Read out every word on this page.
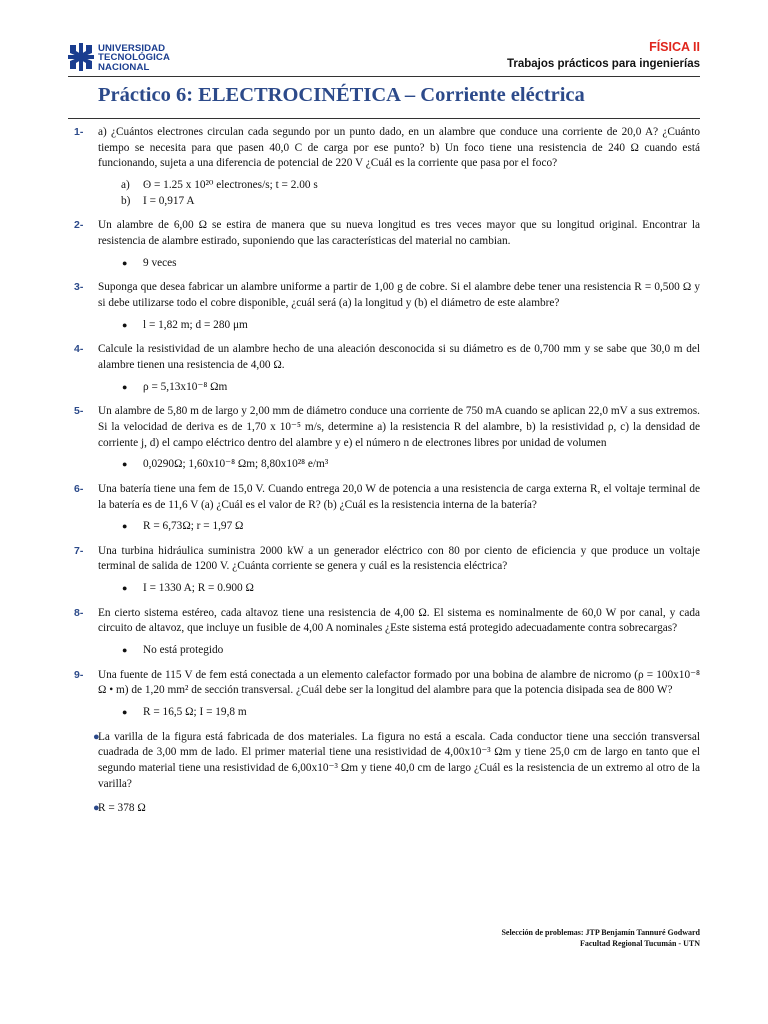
UNIVERSIDAD
TECNOLÓGICA
NACIONAL
FÍSICA II
Trabajos prácticos para ingenierías
Práctico 6: ELECTROCINÉTICA – Corriente eléctrica
1- a) ¿Cuántos electrones circulan cada segundo por un punto dado, en un alambre que conduce una corriente de 20,0 A? ¿Cuánto tiempo se necesita para que pasen 40,0 C de carga por ese punto? b) Un foco tiene una resistencia de 240 Ω cuando está funcionando, sujeta a una diferencia de potencial de 220 V ¿Cuál es la corriente que pasa por el foco?

a) ʘ = 1.25 x 10²⁰ electrones/s; t = 2.00 s
b) I = 0,917 A
2- Un alambre de 6,00 Ω se estira de manera que su nueva longitud es tres veces mayor que su longitud original. Encontrar la resistencia de alambre estirado, suponiendo que las características del material no cambian.

● 9 veces
3- Suponga que desea fabricar un alambre uniforme a partir de 1,00 g de cobre. Si el alambre debe tener una resistencia R = 0,500 Ω y si debe utilizarse todo el cobre disponible, ¿cuál será (a) la longitud y (b) el diámetro de este alambre?

● l = 1,82 m; d = 280 μm
4- Calcule la resistividad de un alambre hecho de una aleación desconocida si su diámetro es de 0,700 mm y se sabe que 30,0 m del alambre tienen una resistencia de 4,00 Ω.

● ρ = 5,13x10⁻⁸ Ωm
5- Un alambre de 5,80 m de largo y 2,00 mm de diámetro conduce una corriente de 750 mA cuando se aplican 22,0 mV a sus extremos. Si la velocidad de deriva es de 1,70 x 10⁻⁵ m/s, determine a) la resistencia R del alambre, b) la resistividad ρ, c) la densidad de corriente j, d) el campo eléctrico dentro del alambre y e) el número n de electrones libres por unidad de volumen

● 0,0290Ω; 1,60x10⁻⁸ Ωm; 8,80x10²⁸ e/m³
6- Una batería tiene una fem de 15,0 V. Cuando entrega 20,0 W de potencia a una resistencia de carga externa R, el voltaje terminal de la batería es de 11,6 V (a) ¿Cuál es el valor de R? (b) ¿Cuál es la resistencia interna de la batería?

● R = 6,73Ω; r = 1,97 Ω
7- Una turbina hidráulica suministra 2000 kW a un generador eléctrico con 80 por ciento de eficiencia y que produce un voltaje terminal de salida de 1200 V. ¿Cuánta corriente se genera y cuál es la resistencia eléctrica?

● I = 1330 A; R = 0.900 Ω
8- En cierto sistema estéreo, cada altavoz tiene una resistencia de 4,00 Ω. El sistema es nominalmente de 60,0 W por canal, y cada circuito de altavoz, que incluye un fusible de 4,00 A nominales ¿Este sistema está protegido adecuadamente contra sobrecargas?

● No está protegido
9- Una fuente de 115 V de fem está conectada a un elemento calefactor formado por una bobina de alambre de nicromo (ρ = 100x10⁻⁸ Ω • m) de 1,20 mm² de sección transversal. ¿Cuál debe ser la longitud del alambre para que la potencia disipada sea de 800 W?

● R = 16,5 Ω; I = 19,8 m
●

La varilla de la figura está fabricada de dos materiales. La figura no está a escala. Cada conductor tiene una sección transversal cuadrada de 3,00 mm de lado. El primer material tiene una resistividad de 4,00x10⁻³ Ωm y tiene 25,0 cm de largo en tanto que el segundo material tiene una resistividad de 6,00x10⁻³ Ωm y tiene 40,0 cm de largo ¿Cuál es la resistencia de un extremo al otro de la varilla?

●

R = 378 Ω

Selección de problemas: JTP Benjamín Tannuré Godward
Facultad Regional Tucumán - UTN
